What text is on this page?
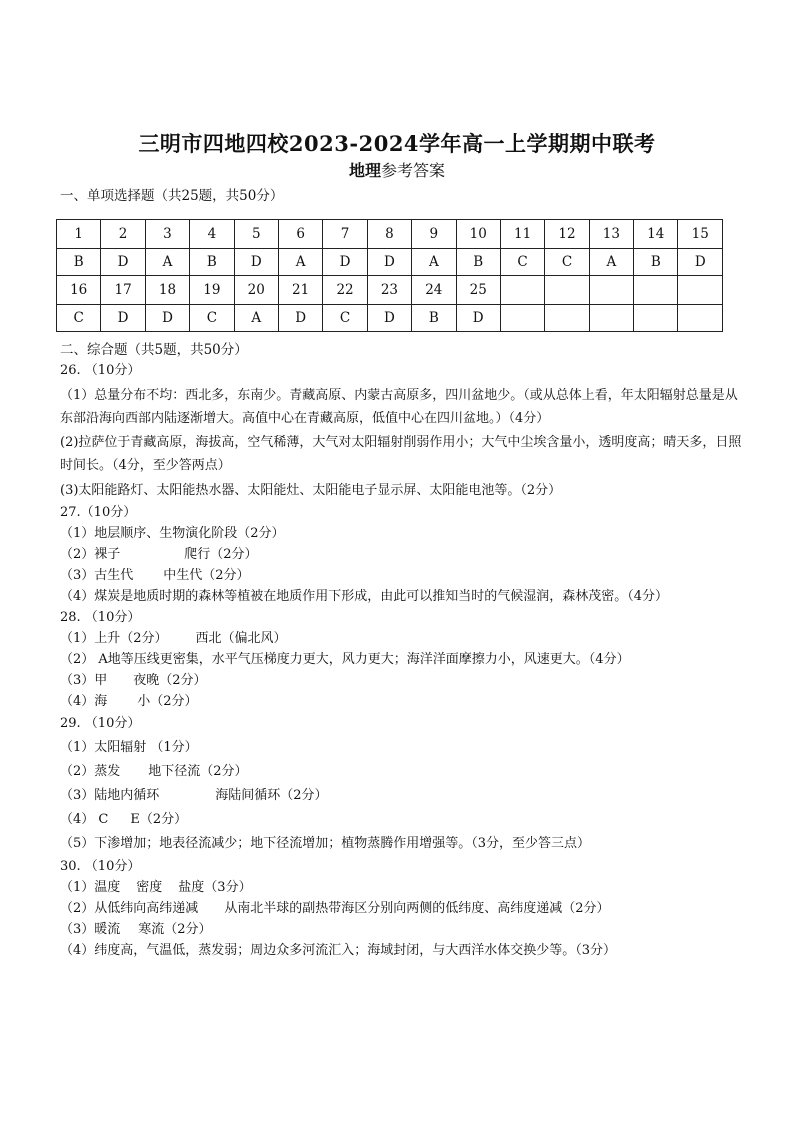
三明市四地四校2023-2024学年高一上学期期中联考
地理参考答案
一、单项选择题（共25题，共50分）
1	2	3	4	5	6	7	8	9	10	11	12	13	14	15
B	D	A	B	D	A	D	D	A	B	C	C	A	B	D
16	17	18	19	20	21	22	23	24	25					
C	D	D	C	A	D	C	D	B	D					
二、综合题（共5题，共50分）
26. （10分）
（1）总量分布不均：西北多，东南少。青藏高原、内蒙古高原多，四川盆地少。（或从总体上看，年太阳辐射总量是从东部沿海向西部内陆逐渐增大。高值中心在青藏高原，低值中心在四川盆地。）（4分）
(2)拉萨位于青藏高原，海拔高，空气稀薄，大气对太阳辐射削弱作用小；大气中尘埃含量小，透明度高；晴天多，日照时间长。（4分，至少答两点）
(3)太阳能路灯、太阳能热水器、太阳能灶、太阳能电子显示屏、太阳能电池等。（2分）
27.（10分）
（1）地层顺序、生物演化阶段（2分）
（2）裸子	爬行（2分）
（3）古生代 中生代（2分）
（4）煤炭是地质时期的森林等植被在地质作用下形成，由此可以推知当时的气候湿润，森林茂密。（4分）
28. （10分）
（1）上升（2分） 西北（偏北风）
（2） A地等压线更密集，水平气压梯度力更大，风力更大；海洋洋面摩擦力小，风速更大。（4分）
（3）甲 夜晚（2分）
（4）海 小（2分）
29. （10分）
（1）太阳辐射 （1分）
（2）蒸发 地下径流（2分）
（3）陆地内循环	海陆间循环（2分）
（4） C E（2分）
（5）下渗增加；地表径流减少；地下径流增加；植物蒸腾作用增强等。（3分，至少答三点）
30. （10分）
（1）温度 密度 盐度（3分）
（2）从低纬向高纬递减 从南北半球的副热带海区分别向两侧的低纬度、高纬度递减（2分）
（3）暖流 寒流（2分）
（4）纬度高，气温低，蒸发弱；周边众多河流汇入；海域封闭，与大西洋水体交换少等。（3分）
